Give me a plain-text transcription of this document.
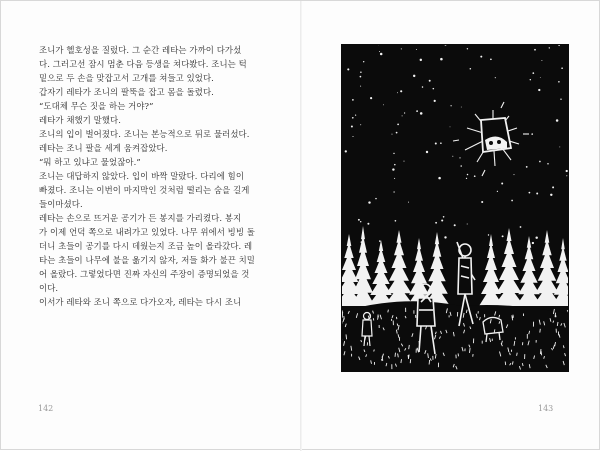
조니가 헬호성을 질렀다. 그 순간 레타는 가까이 다가섰
다. 그러고선 잠시 멈춘 다음 등생을 쳐다봤다. 조니는 턱
밑으로 두 손을 맞잡고서 고개를 쳐들고 있었다.

갑자기 레타가 조니의 팔뚝을 잡고 몸을 돌렸다.

“도대체 무슨 짓을 하는 거야?”

레타가 채했기 말했다.

조니의 입이 벌어졌다. 조니는 본능적으로 뒤로 물러섰다.
레타는 조니 팔을 세게 움켜잡았다.

“뭐 하고 있냐고 물었잖아.”

조니는 대답하지 않았다. 입이 바짝 말랐다. 다리에 힘이
빠졌다. 조니는 이번이 마지막인 것처럼 떨리는 숨을 길게
들이마셨다.

레타는 손으로 뜨거운 공기가 든 봉지를 가리켰다. 봉지
가 이제 언덕 쪽으로 내려가고 있었다. 나무 위에서 빙빙 돌
더니 초들이 공기를 다시 데웠는지 조금 높이 올라갔다. 레
타는 초들이 나무에 불을 옮기지 않자, 저들 화가 불끈 치밀
어 올랐다. 그렇었다면 진짜 자신의 주장이 증명되었을 것
이다.

이서가 레타와 조니 쪽으로 다가오자, 레타는 다시 조니

142	143
